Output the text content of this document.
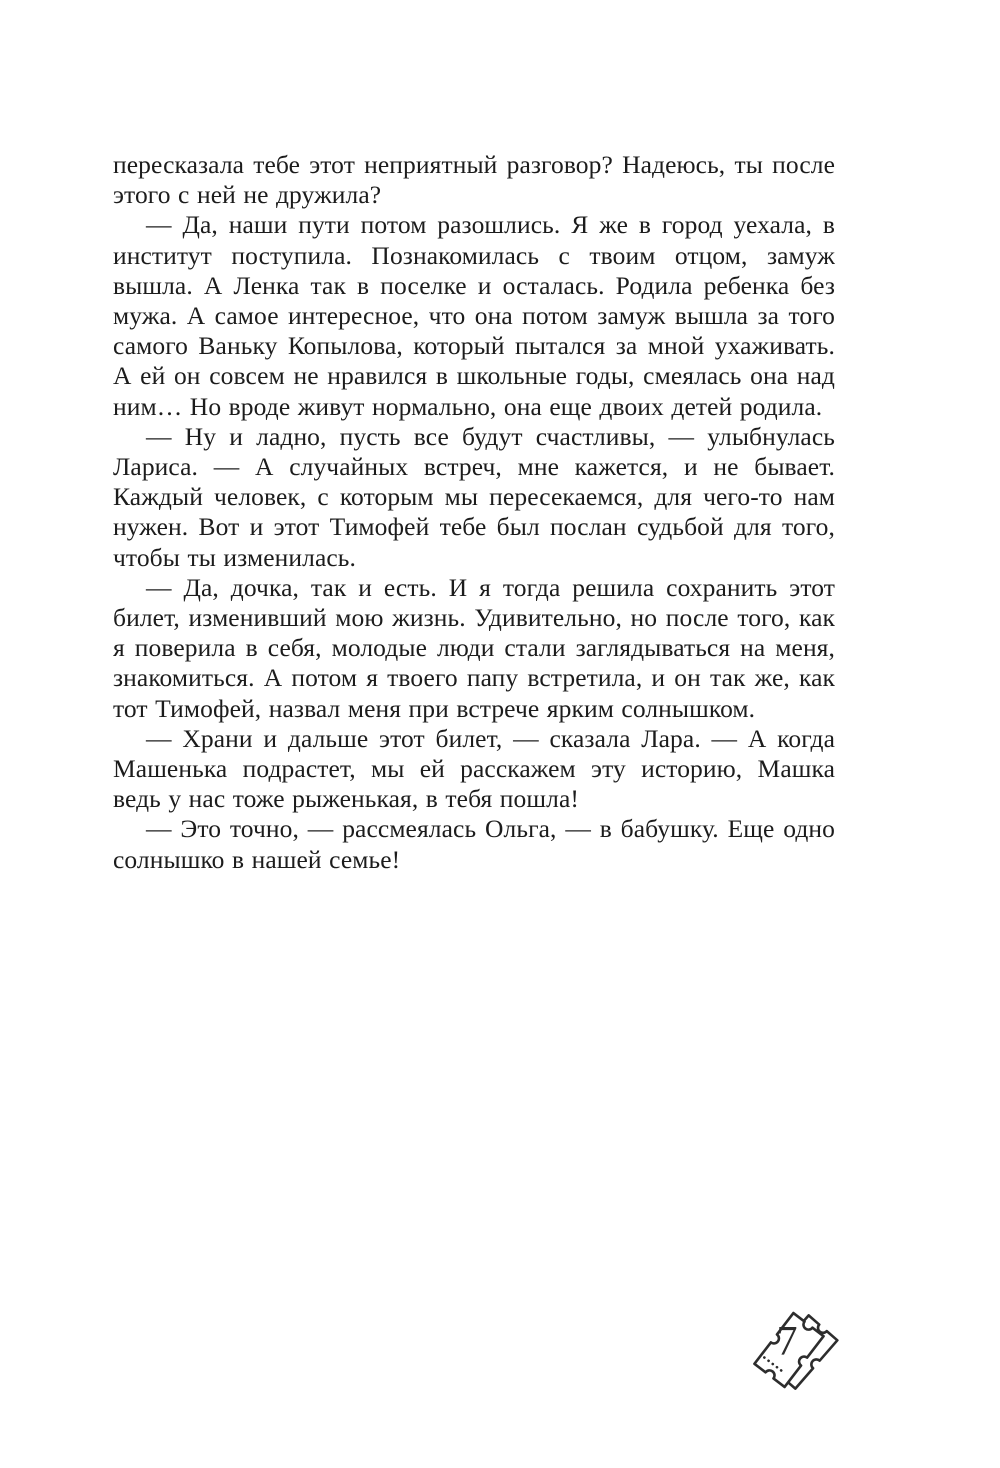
пересказала тебе этот неприятный разговор? Надеюсь, ты после этого с ней не дружила?

— Да, наши пути потом разошлись. Я же в город уехала, в институт поступила. Познакомилась с твоим отцом, замуж вышла. А Ленка так в поселке и осталась. Родила ребенка без мужа. А самое интересное, что она потом замуж вышла за того самого Ваньку Копылова, который пытался за мной ухаживать. А ей он совсем не нравился в школьные годы, смеялась она над ним… Но вроде живут нормально, она еще двоих детей родила.

— Ну и ладно, пусть все будут счастливы, — улыбнулась Лариса. — А случайных встреч, мне кажется, и не бывает. Каждый человек, с которым мы пересекаемся, для чего-то нам нужен. Вот и этот Тимофей тебе был послан судьбой для того, чтобы ты изменилась.

— Да, дочка, так и есть. И я тогда решила сохранить этот билет, изменивший мою жизнь. Удивительно, но после того, как я поверила в себя, молодые люди стали заглядываться на меня, знакомиться. А потом я твоего папу встретила, и он так же, как тот Тимофей, назвал меня при встрече ярким солнышком.

— Храни и дальше этот билет, — сказала Лара. — А когда Машенька подрастет, мы ей расскажем эту историю, Машка ведь у нас тоже рыженькая, в тебя пошла!

— Это точно, — рассмеялась Ольга, — в бабушку. Еще одно солнышко в нашей семье!

7
